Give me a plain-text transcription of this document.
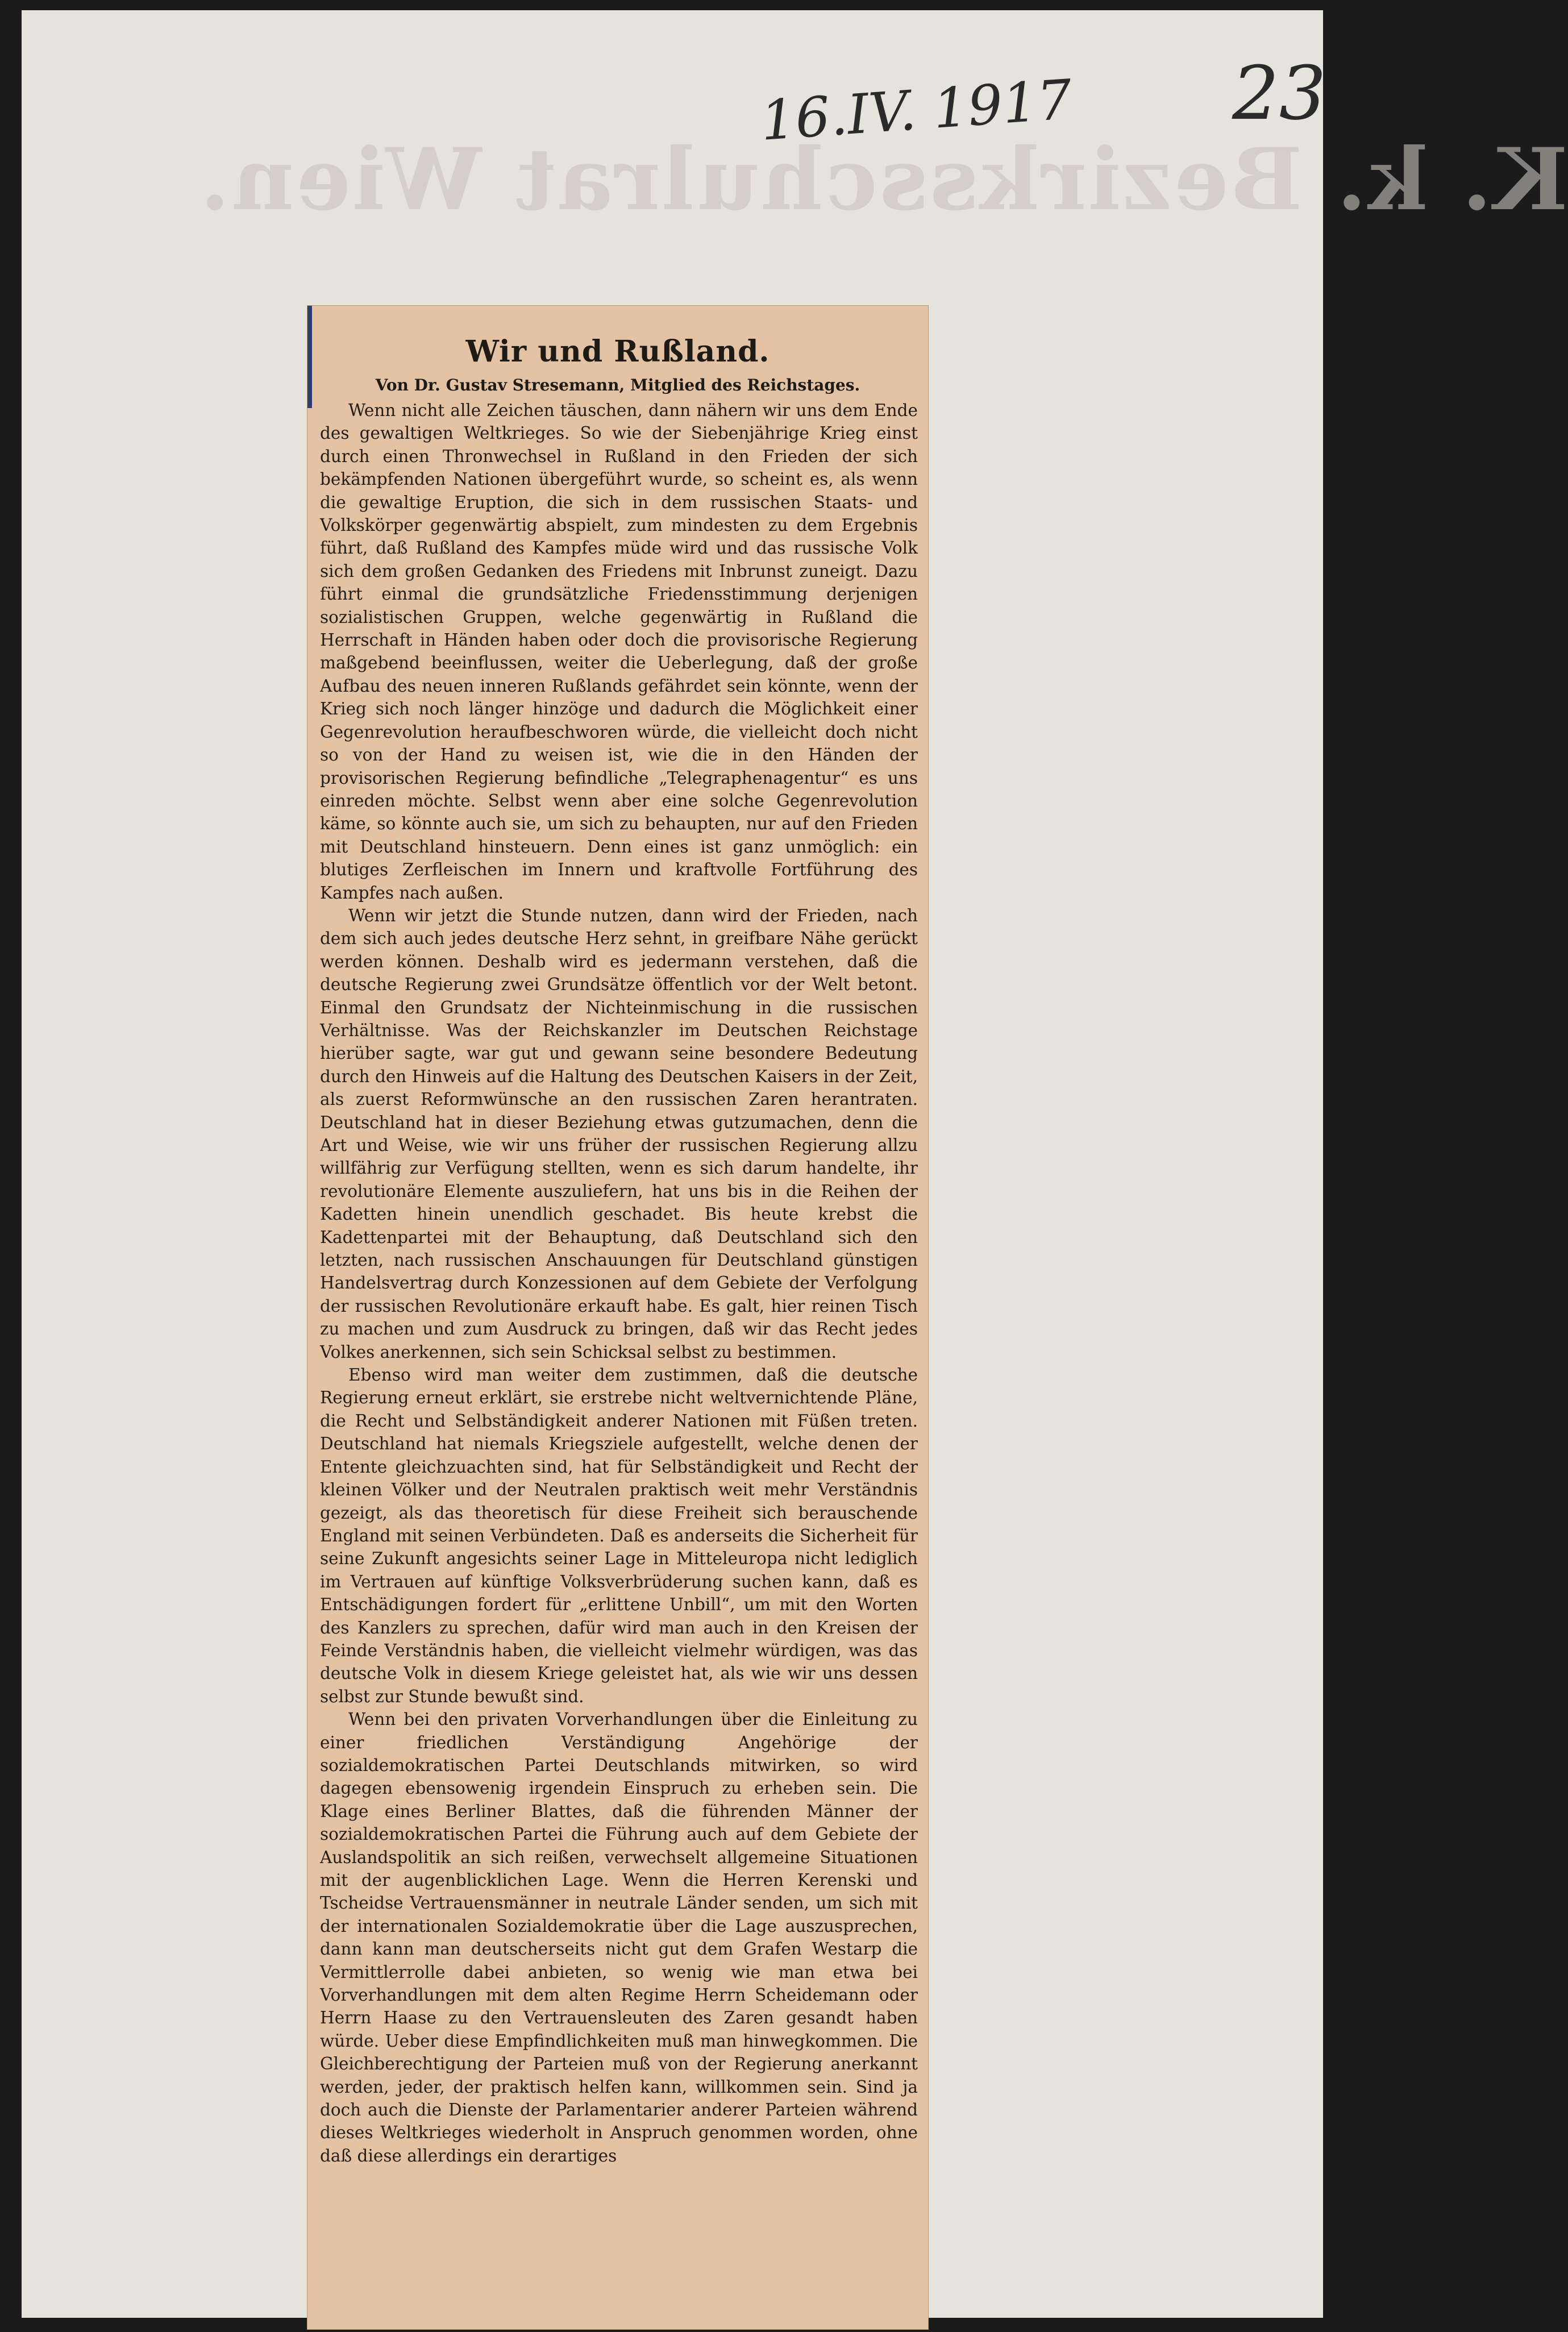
K. k. Bezirksschulrat Wien.
16.IV. 1917 23
Wir und Rußland.
Von Dr. Gustav Stresemann, Mitglied des Reichstages.

Wenn nicht alle Zeichen täuschen, dann nähern wir uns dem Ende des gewaltigen Weltkrieges. So wie der Siebenjährige Krieg einst durch einen Thronwechsel in Rußland in den Frieden der sich bekämpfenden Nationen übergeführt wurde, so scheint es, als wenn die gewaltige Eruption, die sich in dem russischen Staats- und Volkskörper gegenwärtig abspielt, zum mindesten zu dem Ergebnis führt, daß Rußland des Kampfes müde wird und das russische Volk sich dem großen Gedanken des Friedens mit Inbrunst zuneigt. Dazu führt einmal die grundsätzliche Friedensstimmung derjenigen sozialistischen Gruppen, welche gegenwärtig in Rußland die Herrschaft in Händen haben oder doch die provisorische Regierung maßgebend beeinflussen, weiter die Ueberlegung, daß der große Aufbau des neuen inneren Rußlands gefährdet sein könnte, wenn der Krieg sich noch länger hinzöge und dadurch die Möglichkeit einer Gegenrevolution heraufbeschworen würde, die vielleicht doch nicht so von der Hand zu weisen ist, wie die in den Händen der provisorischen Regierung befindliche „Telegraphenagentur“ es uns einreden möchte. Selbst wenn aber eine solche Gegenrevolution käme, so könnte auch sie, um sich zu behaupten, nur auf den Frieden mit Deutschland hinsteuern. Denn eines ist ganz unmöglich: ein blutiges Zerfleischen im Innern und kraftvolle Fortführung des Kampfes nach außen.

Wenn wir jetzt die Stunde nutzen, dann wird der Frieden, nach dem sich auch jedes deutsche Herz sehnt, in greifbare Nähe gerückt werden können. Deshalb wird es jedermann verstehen, daß die deutsche Regierung zwei Grundsätze öffentlich vor der Welt betont. Einmal den Grundsatz der Nichteinmischung in die russischen Verhältnisse. Was der Reichskanzler im Deutschen Reichstage hierüber sagte, war gut und gewann seine besondere Bedeutung durch den Hinweis auf die Haltung des Deutschen Kaisers in der Zeit, als zuerst Reformwünsche an den russischen Zaren herantraten. Deutschland hat in dieser Beziehung etwas gutzumachen, denn die Art und Weise, wie wir uns früher der russischen Regierung allzu willfährig zur Verfügung stellten, wenn es sich darum handelte, ihr revolutionäre Elemente auszuliefern, hat uns bis in die Reihen der Kadetten hinein unendlich geschadet. Bis heute krebst die Kadettenpartei mit der Behauptung, daß Deutschland sich den letzten, nach russischen Anschauungen für Deutschland günstigen Handelsvertrag durch Konzessionen auf dem Gebiete der Verfolgung der russischen Revolutionäre erkauft habe. Es galt, hier reinen Tisch zu machen und zum Ausdruck zu bringen, daß wir das Recht jedes Volkes anerkennen, sich sein Schicksal selbst zu bestimmen.

Ebenso wird man weiter dem zustimmen, daß die deutsche Regierung erneut erklärt, sie erstrebe nicht weltvernichtende Pläne, die Recht und Selbständigkeit anderer Nationen mit Füßen treten. Deutschland hat niemals Kriegsziele aufgestellt, welche denen der Entente gleichzuachten sind, hat für Selbständigkeit und Recht der kleinen Völker und der Neutralen praktisch weit mehr Verständnis gezeigt, als das theoretisch für diese Freiheit sich berauschende England mit seinen Verbündeten. Daß es anderseits die Sicherheit für seine Zukunft angesichts seiner Lage in Mitteleuropa nicht lediglich im Vertrauen auf künftige Volksverbrüderung suchen kann, daß es Entschädigungen fordert für „erlittene Unbill“, um mit den Worten des Kanzlers zu sprechen, dafür wird man auch in den Kreisen der Feinde Verständnis haben, die vielleicht vielmehr würdigen, was das deutsche Volk in diesem Kriege geleistet hat, als wie wir uns dessen selbst zur Stunde bewußt sind.

Wenn bei den privaten Vorverhandlungen über die Einleitung zu einer friedlichen Verständigung Angehörige der sozialdemokratischen Partei Deutschlands mitwirken, so wird dagegen ebensowenig irgendein Einspruch zu erheben sein. Die Klage eines Berliner Blattes, daß die führenden Männer der sozialdemokratischen Partei die Führung auch auf dem Gebiete der Auslandspolitik an sich reißen, verwechselt allgemeine Situationen mit der augenblicklichen Lage. Wenn die Herren Kerenski und Tscheidse Vertrauensmänner in neutrale Länder senden, um sich mit der internationalen Sozialdemokratie über die Lage auszusprechen, dann kann man deutscherseits nicht gut dem Grafen Westarp die Vermittlerrolle dabei anbieten, so wenig wie man etwa bei Vorverhandlungen mit dem alten Regime Herrn Scheidemann oder Herrn Haase zu den Vertrauensleuten des Zaren gesandt haben würde. Ueber diese Empfindlichkeiten muß man hinwegkommen. Die Gleichberechtigung der Parteien muß von der Regierung anerkannt werden, jeder, der praktisch helfen kann, willkommen sein. Sind ja doch auch die Dienste der Parlamentarier anderer Parteien während dieses Weltkrieges wiederholt in Anspruch genommen worden, ohne daß diese allerdings ein derartiges
